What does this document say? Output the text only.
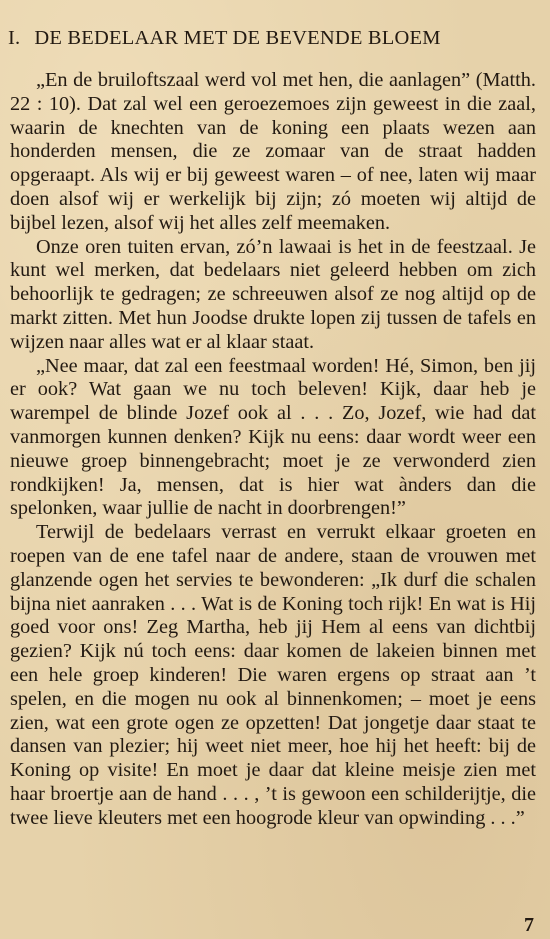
I. DE BEDELAAR MET DE BEVENDE BLOEM

„En de bruiloftszaal werd vol met hen, die aanlagen” (Matth. 22 : 10). Dat zal wel een geroezemoes zijn geweest in die zaal, waarin de knechten van de koning een plaats wezen aan honderden mensen, die ze zomaar van de straat hadden opgeraapt. Als wij er bij geweest waren – of nee, laten wij maar doen alsof wij er werkelijk bij zijn; zó moeten wij altijd de bijbel lezen, alsof wij het alles zelf meemaken.

Onze oren tuiten ervan, zó’n lawaai is het in de feestzaal. Je kunt wel merken, dat bedelaars niet geleerd hebben om zich behoorlijk te gedragen; ze schreeuwen alsof ze nog altijd op de markt zitten. Met hun Joodse drukte lopen zij tussen de tafels en wijzen naar alles wat er al klaar staat.

„Nee maar, dat zal een feestmaal worden! Hé, Simon, ben jij er ook? Wat gaan we nu toch beleven! Kijk, daar heb je warempel de blinde Jozef ook al . . . Zo, Jozef, wie had dat vanmorgen kunnen denken? Kijk nu eens: daar wordt weer een nieuwe groep binnengebracht; moet je ze verwonderd zien rondkijken! Ja, mensen, dat is hier wat ànders dan die spelonken, waar jullie de nacht in doorbrengen!”

Terwijl de bedelaars verrast en verrukt elkaar groeten en roepen van de ene tafel naar de andere, staan de vrouwen met glanzende ogen het servies te bewonderen: „Ik durf die schalen bijna niet aanraken . . . Wat is de Koning toch rijk! En wat is Hij goed voor ons! Zeg Martha, heb jij Hem al eens van dichtbij gezien? Kijk nú toch eens: daar komen de lakeien binnen met een hele groep kinderen! Die waren ergens op straat aan ’t spelen, en die mogen nu ook al binnenkomen; – moet je eens zien, wat een grote ogen ze opzetten! Dat jongetje daar staat te dansen van plezier; hij weet niet meer, hoe hij het heeft: bij de Koning op visite! En moet je daar dat kleine meisje zien met haar broertje aan de hand . . . , ’t is gewoon een schilderijtje, die twee lieve kleuters met een hoogrode kleur van opwinding . . .”

7
